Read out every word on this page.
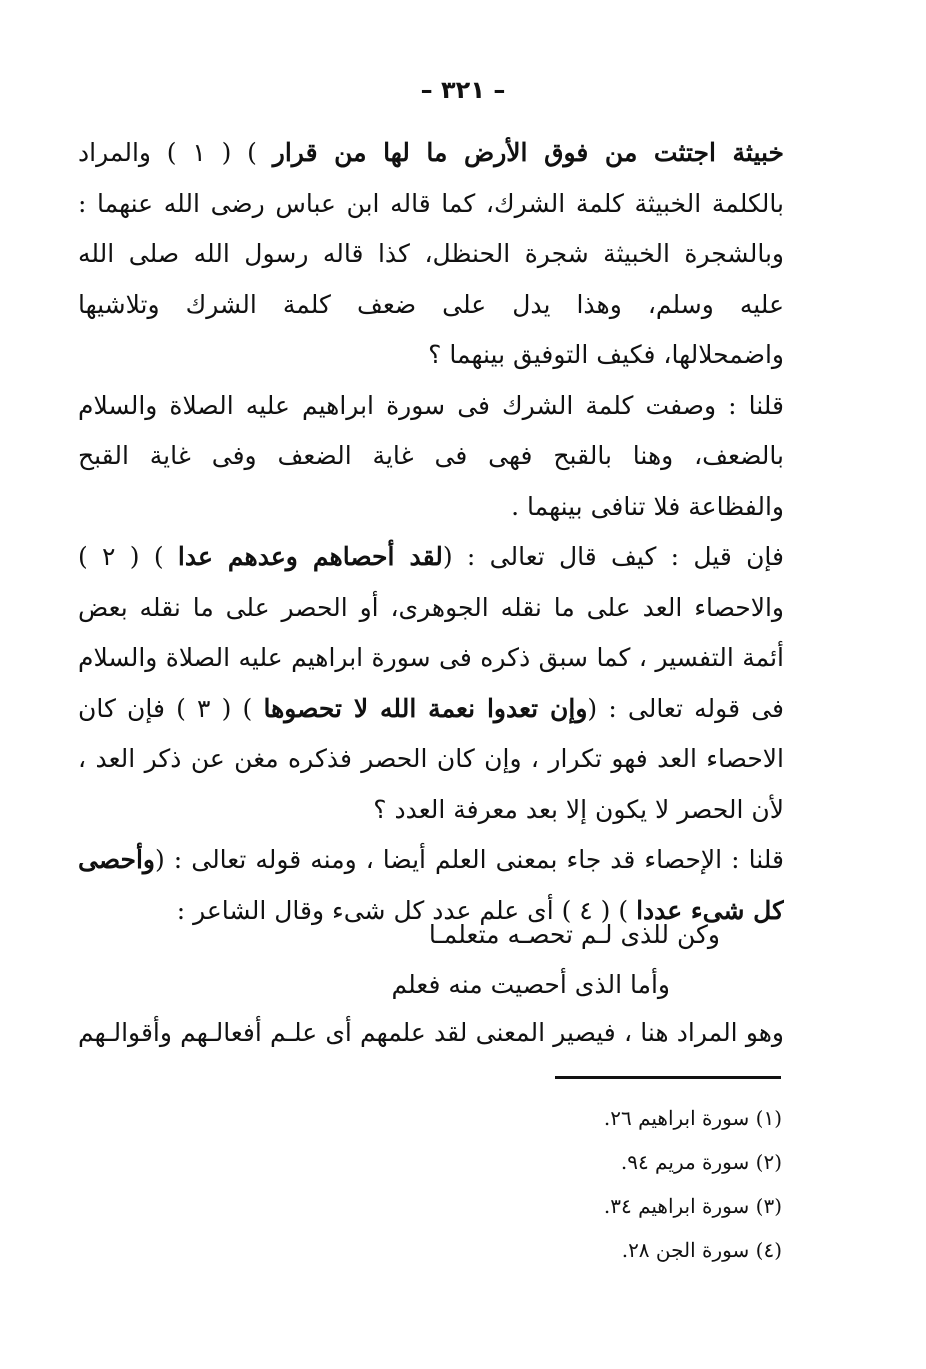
– ٣٢١ –
خبيثة اجتثت من فوق الأرض ما لها من قرار ) ( ١ ) والمراد
بالكلمة الخبيثة كلمة الشرك، كما قاله ابن عباس رضى الله عنهما :
وبالشجرة الخبيثة شجرة الحنظل، كذا قاله رسول الله صلى الله
عليه وسلم، وهذا يدل على ضعف كلمة الشرك وتلاشيها
واضمحلالها، فكيف التوفيق بينهما ؟
قلنا : وصفت كلمة الشرك فى سورة ابراهيم عليه الصلاة والسلام
بالضعف، وهنا بالقبح فهى فى غاية الضعف وفى غاية القبح
والفظاعة فلا تنافى بينهما .
فإن قيل : كيف قال تعالى : (لقد أحصاهم وعدهم عدا ) ( ٢ )
والاحصاء العد على ما نقله الجوهرى، أو الحصر على ما نقله بعض
أئمة التفسير ، كما سبق ذكره فى سورة ابراهيم عليه الصلاة والسلام
فى قوله تعالى : (وإن تعدوا نعمة الله لا تحصوها ) ( ٣ ) فإن كان
الاحصاء العد فهو تكرار ، وإن كان الحصر فذكره مغن عن ذكر العد ،
لأن الحصر لا يكون إلا بعد معرفة العدد ؟
قلنا : الإحصاء قد جاء بمعنى العلم أيضا ، ومنه قوله تعالى : (وأحصى
كل شىء عددا ) ( ٤ ) أى علم عدد كل شىء وقال الشاعر :
وكن للذى لـم تحصـه متعلمـا
وأما الذى أحصيت منه فعلم
وهو المراد هنا ، فيصير المعنى لقد علمهم أى علـم أفعالـهم وأقوالـهم
(١) سورة ابراهيم ٢٦.
(٢) سورة مريم ٩٤.
(٣) سورة ابراهيم ٣٤.
(٤) سورة الجن ٢٨.
